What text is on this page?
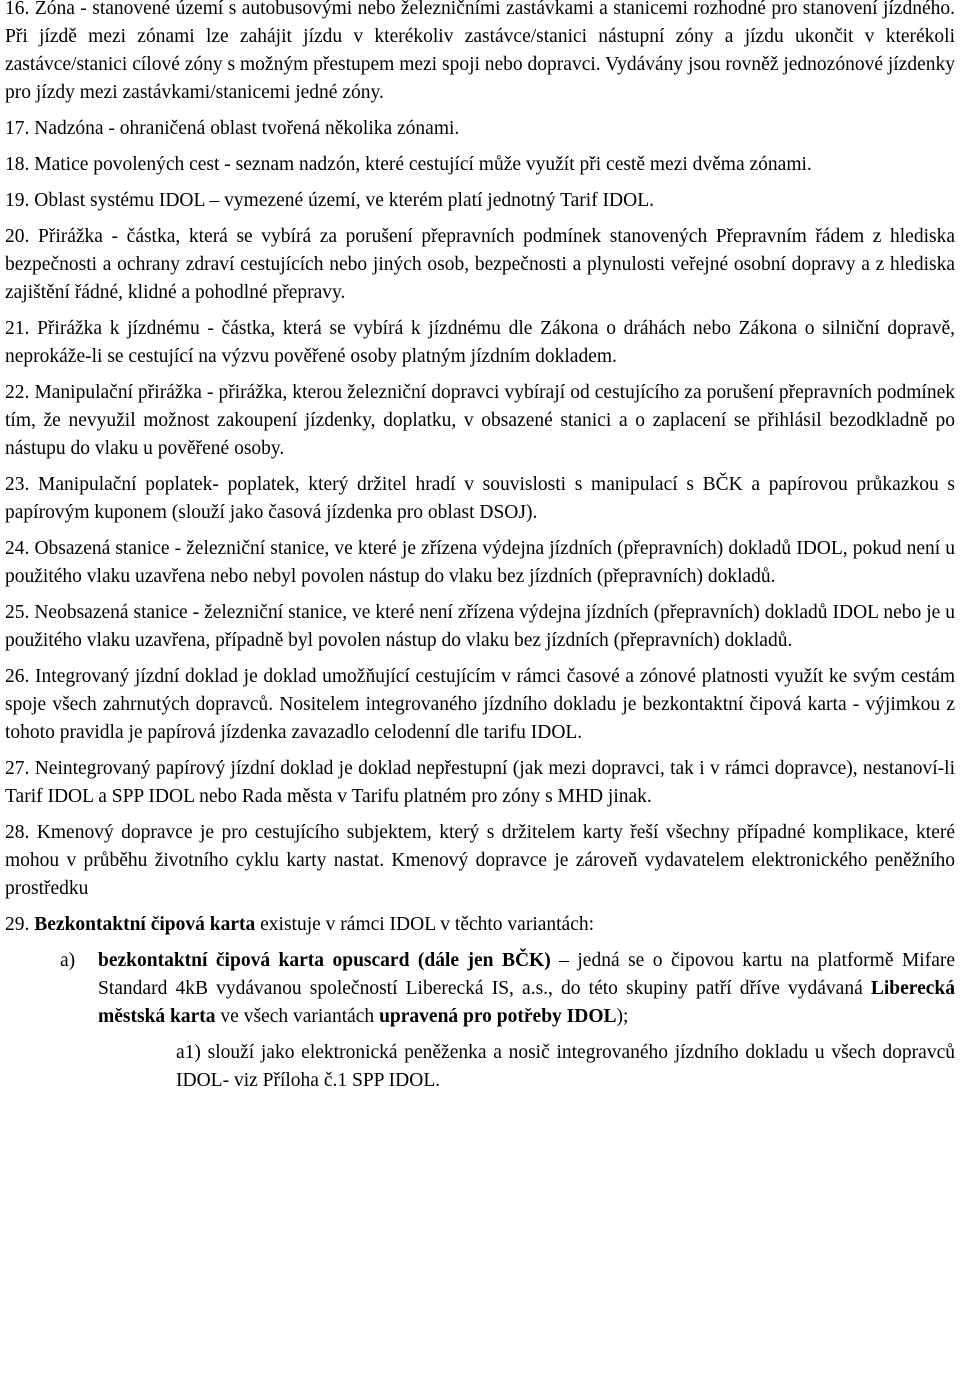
16. Zóna - stanovené území s autobusovými nebo železničními zastávkami a stanicemi rozhodné pro stanovení jízdného. Při jízdě mezi zónami lze zahájit jízdu v kterékoliv zastávce/stanici nástupní zóny a jízdu ukončit v kterékoli zastávce/stanici cílové zóny s možným přestupem mezi spoji nebo dopravci. Vydávány jsou rovněž jednozónové jízdenky pro jízdy mezi zastávkami/stanicemi jedné zóny.

17. Nadzóna - ohraničená oblast tvořená několika zónami.

18. Matice povolených cest - seznam nadzón, které cestující může využít při cestě mezi dvěma zónami.

19. Oblast systému IDOL – vymezené území, ve kterém platí jednotný Tarif IDOL.

20. Přirážka - částka, která se vybírá za porušení přepravních podmínek stanovených Přepravním řádem z hlediska bezpečnosti a ochrany zdraví cestujících nebo jiných osob, bezpečnosti a plynulosti veřejné osobní dopravy a z hlediska zajištění řádné, klidné a pohodlné přepravy.

21. Přirážka k jízdnému - částka, která se vybírá k jízdnému dle Zákona o dráhách nebo Zákona o silniční dopravě, neprokáže-li se cestující na výzvu pověřené osoby platným jízdním dokladem.

22. Manipulační přirážka - přirážka, kterou železniční dopravci vybírají od cestujícího za porušení přepravních podmínek tím, že nevyužil možnost zakoupení jízdenky, doplatku, v obsazené stanici a o zaplacení se přihlásil bezodkladně po nástupu do vlaku u pověřené osoby.

23. Manipulační poplatek- poplatek, který držitel hradí v souvislosti s manipulací s BČK a papírovou průkazkou s papírovým kuponem (slouží jako časová jízdenka pro oblast DSOJ).

24. Obsazená stanice - železniční stanice, ve které je zřízena výdejna jízdních (přepravních) dokladů IDOL, pokud není u použitého vlaku uzavřena nebo nebyl povolen nástup do vlaku bez jízdních (přepravních) dokladů.

25. Neobsazená stanice - železniční stanice, ve které není zřízena výdejna jízdních (přepravních) dokladů IDOL nebo je u použitého vlaku uzavřena, případně byl povolen nástup do vlaku bez jízdních (přepravních) dokladů.

26. Integrovaný jízdní doklad je doklad umožňující cestujícím v rámci časové a zónové platnosti využít ke svým cestám spoje všech zahrnutých dopravců. Nositelem integrovaného jízdního dokladu je bezkontaktní čipová karta - výjimkou z tohoto pravidla je papírová jízdenka zavazadlo celodenní dle tarifu IDOL.

27. Neintegrovaný papírový jízdní doklad je doklad nepřestupní (jak mezi dopravci, tak i v rámci dopravce), nestanoví-li Tarif IDOL a SPP IDOL nebo Rada města v Tarifu platném pro zóny s MHD jinak.

28. Kmenový dopravce je pro cestujícího subjektem, který s držitelem karty řeší všechny případné komplikace, které mohou v průběhu životního cyklu karty nastat. Kmenový dopravce je zároveň vydavatelem elektronického peněžního prostředku

29. Bezkontaktní čipová karta existuje v rámci IDOL v těchto variantách:

a)	bezkontaktní čipová karta opuscard (dále jen BČK) – jedná se o čipovou kartu na platformě Mifare Standard 4kB vydávanou společností Liberecká IS, a.s., do této skupiny patří dříve vydávaná Liberecká městská karta ve všech variantách upravená pro potřeby IDOL);

a1) slouží jako elektronická peněženka a nosič integrovaného jízdního dokladu u všech dopravců IDOL- viz Příloha č.1 SPP IDOL.
